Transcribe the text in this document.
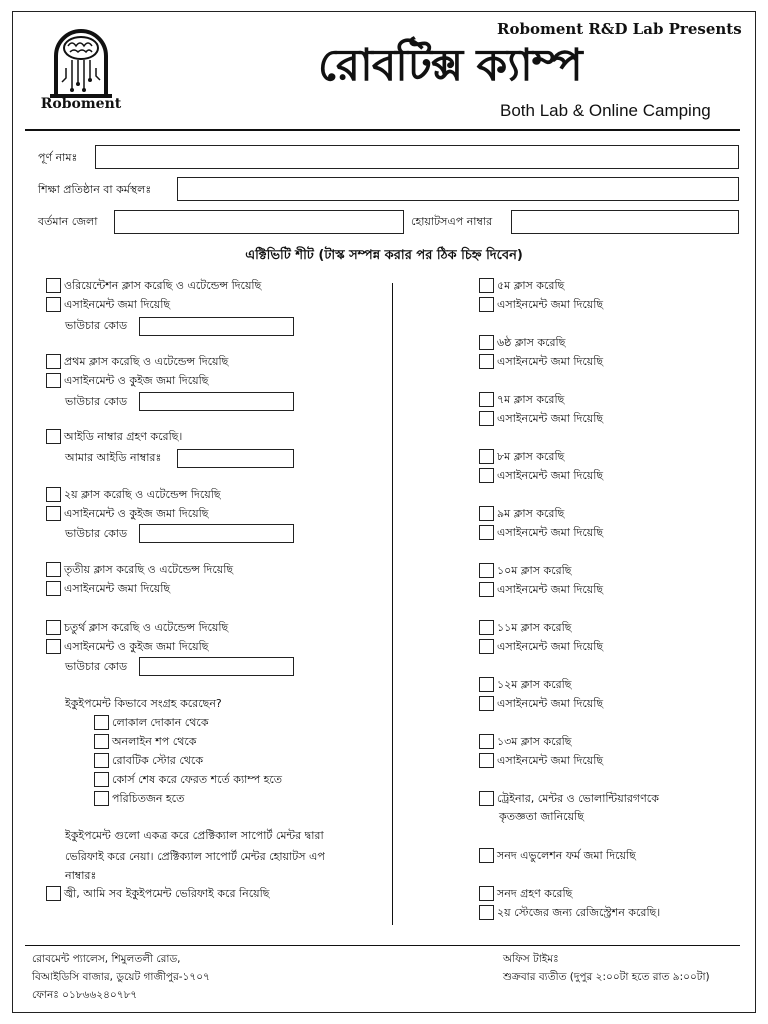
Roboment
Roboment R&D Lab Presents
রোবটিক্স ক্যাম্প
Both Lab & Online Camping
পূর্ণ নামঃ
শিক্ষা প্রতিষ্ঠান বা কর্মস্থলঃ
বর্তমান জেলা	হোয়াটসএপ নাম্বার
এক্টিভিটি শীট (টাস্ক সম্পন্ন করার পর ঠিক চিহ্ন দিবেন)
ওরিয়েন্টেশন ক্লাস করেছি ও এটেন্ডেন্স দিয়েছি
এসাইনমেন্ট জমা দিয়েছি
ভাউচার কোড
প্রথম ক্লাস করেছি ও এটেন্ডেন্স দিয়েছি
এসাইনমেন্ট ও কুইজ জমা দিয়েছি
ভাউচার কোড
আইডি নাম্বার গ্রহণ করেছি।
আমার আইডি নাম্বারঃ
২য় ক্লাস করেছি ও এটেন্ডেন্স দিয়েছি
এসাইনমেন্ট ও কুইজ জমা দিয়েছি
ভাউচার কোড
তৃতীয় ক্লাস করেছি ও এটেন্ডেন্স দিয়েছি
এসাইনমেন্ট জমা দিয়েছি
চতুর্থ ক্লাস করেছি ও এটেন্ডেন্স দিয়েছি
এসাইনমেন্ট ও কুইজ জমা দিয়েছি
ভাউচার কোড
ইকুইপমেন্ট কিভাবে সংগ্রহ করেছেন?
লোকাল দোকান থেকে
অনলাইন শপ থেকে
রোবটিক স্টোর থেকে
কোর্স শেষ করে ফেরত শর্তে ক্যাম্প হতে
পরিচিতজন হতে
ইকুইপমেন্ট গুলো একত্র করে প্রেক্টিক্যাল সাপোর্ট মেন্টর দ্বারা
ভেরিফাই করে নেয়া। প্রেক্টিক্যাল সাপোর্ট মেন্টর হোয়াটস এপ
নাম্বারঃ
জ্বী, আমি সব ইকুইপমেন্ট ভেরিফাই করে নিয়েছি
৫ম ক্লাস করেছি
এসাইনমেন্ট জমা দিয়েছি
৬ষ্ঠ ক্লাস করেছি
এসাইনমেন্ট জমা দিয়েছি
৭ম ক্লাস করেছি
এসাইনমেন্ট জমা দিয়েছি
৮ম ক্লাস করেছি
এসাইনমেন্ট জমা দিয়েছি
৯ম ক্লাস করেছি
এসাইনমেন্ট জমা দিয়েছি
১০ম ক্লাস করেছি
এসাইনমেন্ট জমা দিয়েছি
১১ম ক্লাস করেছি
এসাইনমেন্ট জমা দিয়েছি
১২ম ক্লাস করেছি
এসাইনমেন্ট জমা দিয়েছি
১৩ম ক্লাস করেছি
এসাইনমেন্ট জমা দিয়েছি
ট্রেইনার, মেন্টর ও ভোলান্টিয়ারগণকে
কৃতজ্ঞতা জানিয়েছি
সনদ এভুলেশন ফর্ম জমা দিয়েছি
সনদ গ্রহণ করেছি
২য় স্টেজের জন্য রেজিস্ট্রেশন করেছি।
রোবমেন্ট প্যালেস, শিমুলতলী রোড,
বিআইডিসি বাজার, ডুয়েট গাজীপুর-১৭০৭
ফোনঃ ০১৮৬৬২৪০৭৮৭
অফিস টাইমঃ
শুক্রবার ব্যতীত (দুপুর ২:০০টা হতে রাত ৯:০০টা)
